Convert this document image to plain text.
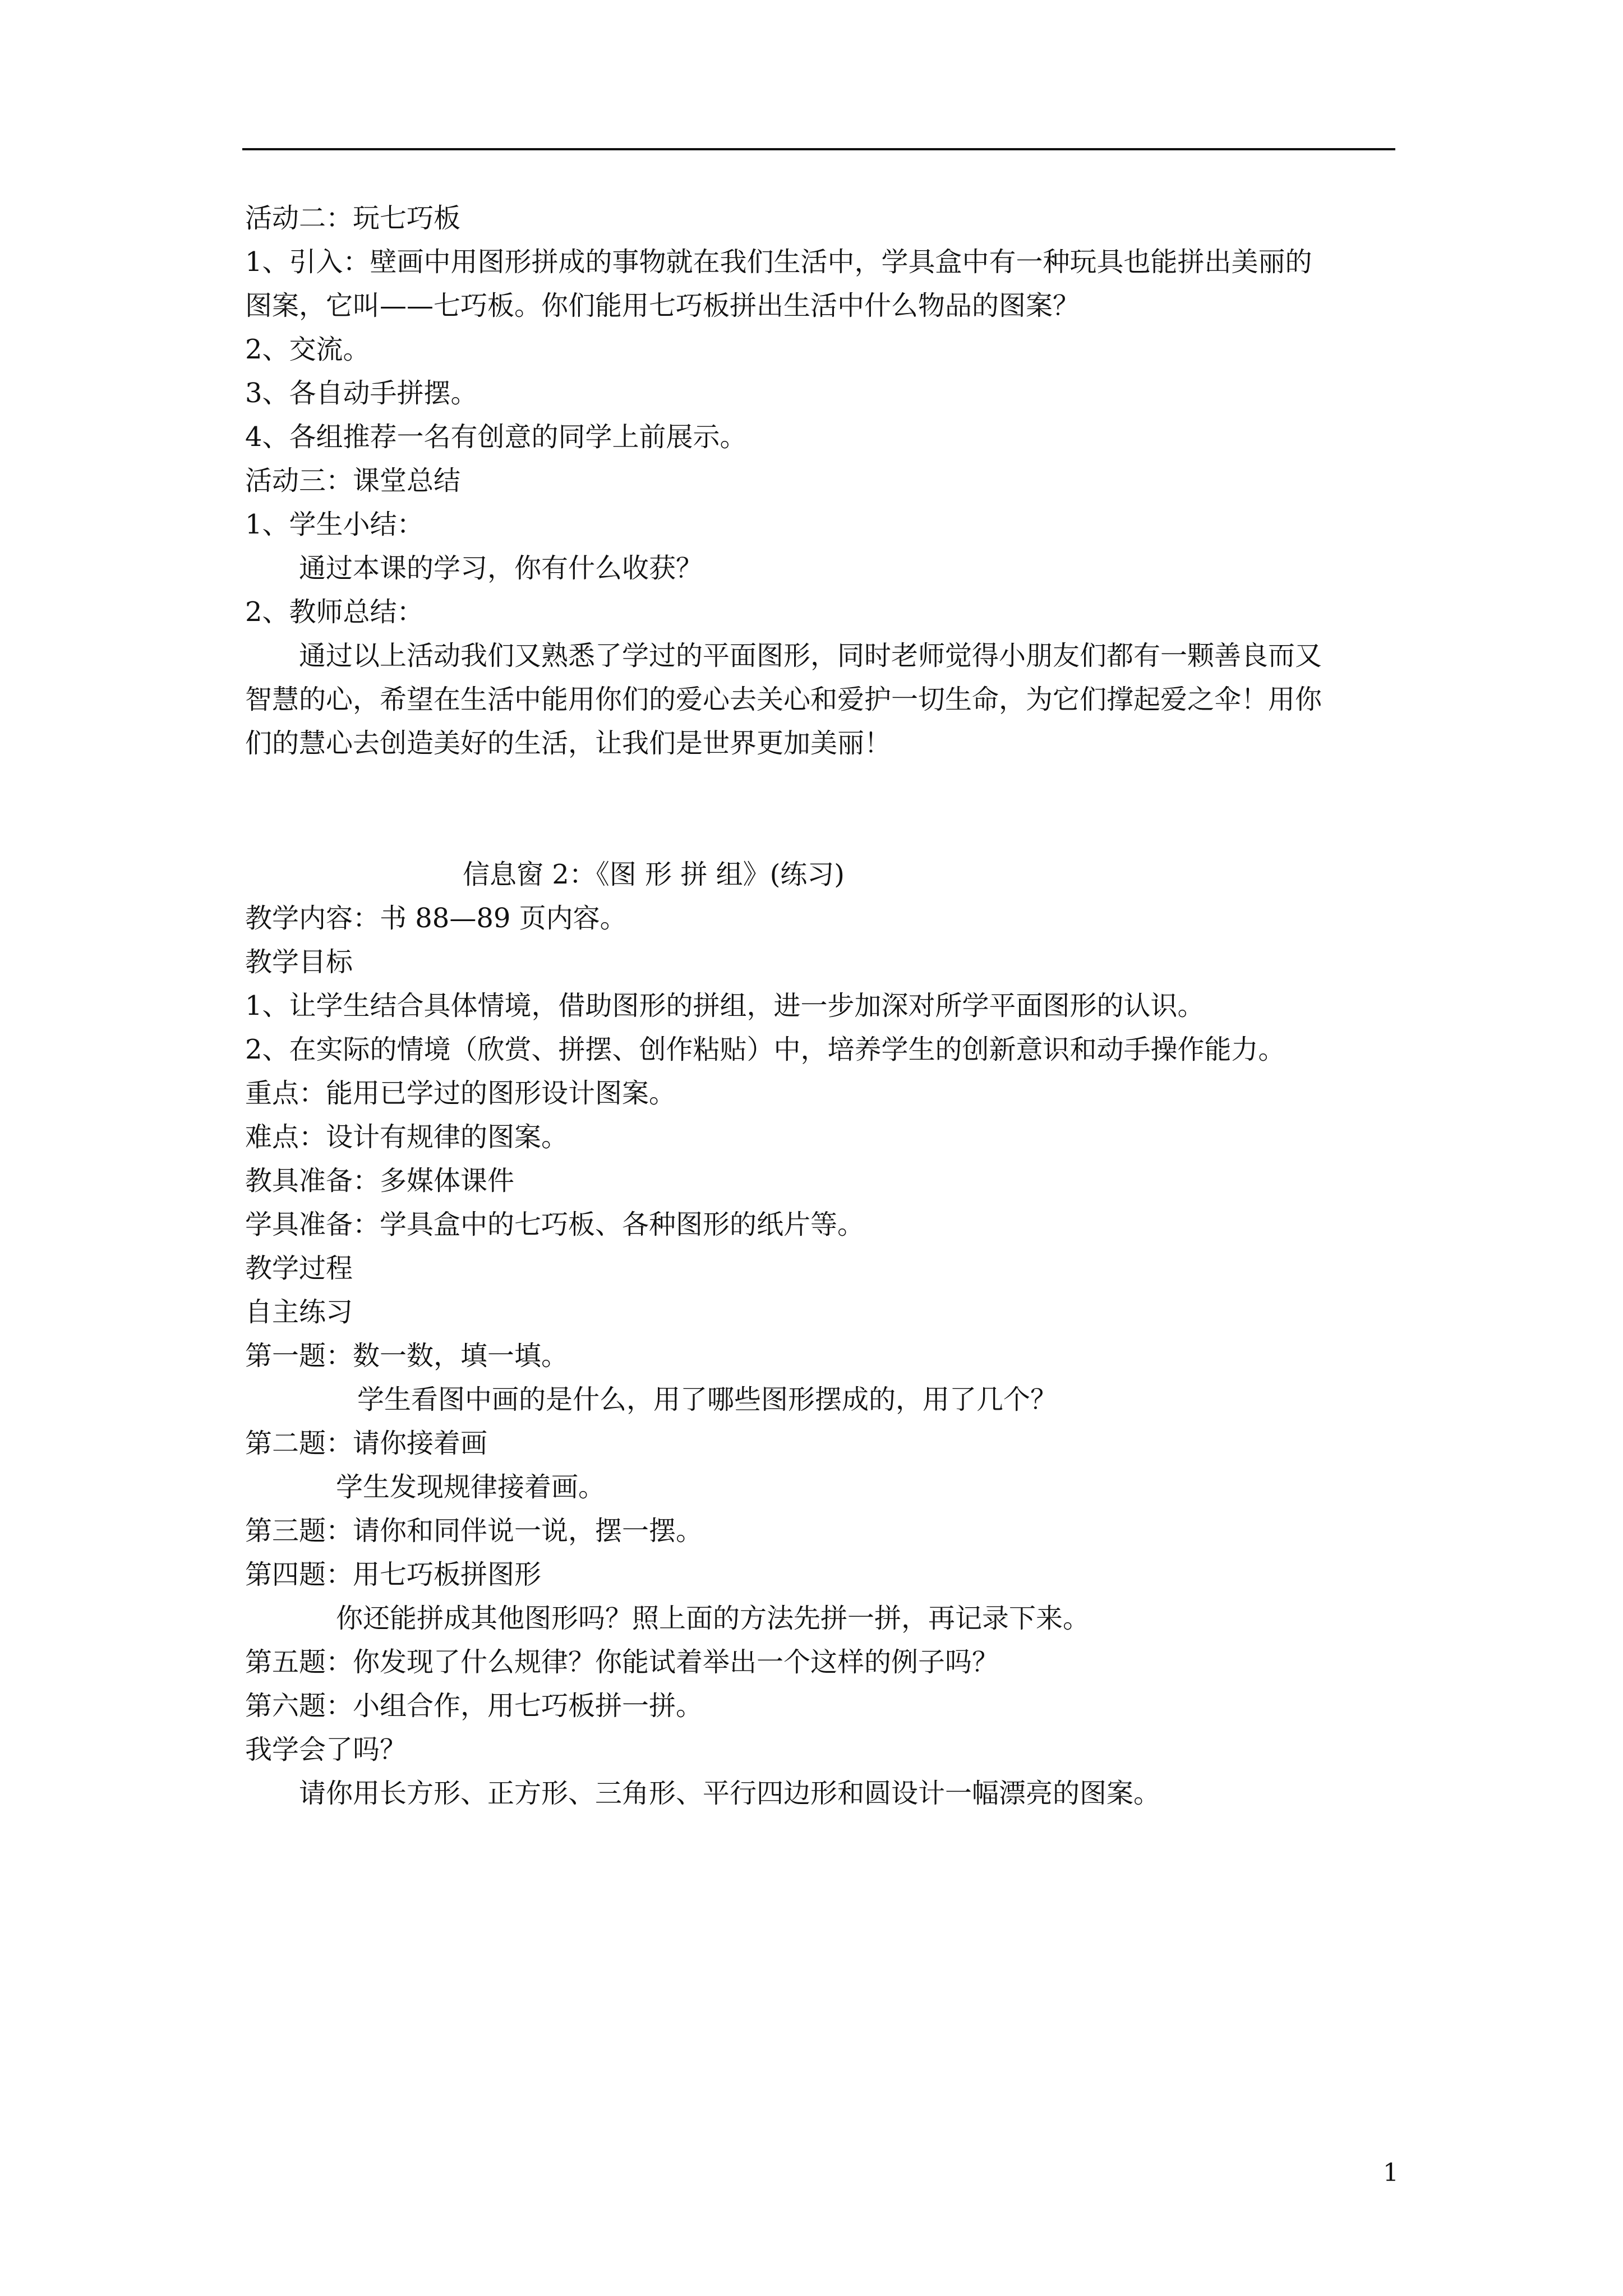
活动二：玩七巧板
1、引入：壁画中用图形拼成的事物就在我们生活中，学具盒中有一种玩具也能拼出美丽的
图案，它叫——七巧板。你们能用七巧板拼出生活中什么物品的图案？
2、交流。
3、各自动手拼摆。
4、各组推荐一名有创意的同学上前展示。
活动三：课堂总结
1、学生小结：
通过本课的学习，你有什么收获？
2、教师总结：
通过以上活动我们又熟悉了学过的平面图形，同时老师觉得小朋友们都有一颗善良而又
智慧的心，希望在生活中能用你们的爱心去关心和爱护一切生命，为它们撑起爱之伞！用你
们的慧心去创造美好的生活，让我们是世界更加美丽！
信息窗 2：《图 形 拼 组》(练习)
教学内容：书 88—89 页内容。
教学目标
1、让学生结合具体情境，借助图形的拼组，进一步加深对所学平面图形的认识。
2、在实际的情境（欣赏、拼摆、创作粘贴）中，培养学生的创新意识和动手操作能力。
重点：能用已学过的图形设计图案。
难点：设计有规律的图案。
教具准备：多媒体课件
学具准备：学具盒中的七巧板、各种图形的纸片等。
教学过程
自主练习
第一题：数一数，填一填。
学生看图中画的是什么，用了哪些图形摆成的，用了几个？
第二题：请你接着画
学生发现规律接着画。
第三题：请你和同伴说一说，摆一摆。
第四题：用七巧板拼图形
你还能拼成其他图形吗？照上面的方法先拼一拼，再记录下来。
第五题：你发现了什么规律？你能试着举出一个这样的例子吗？
第六题：小组合作，用七巧板拼一拼。
我学会了吗？
请你用长方形、正方形、三角形、平行四边形和圆设计一幅漂亮的图案。
1
